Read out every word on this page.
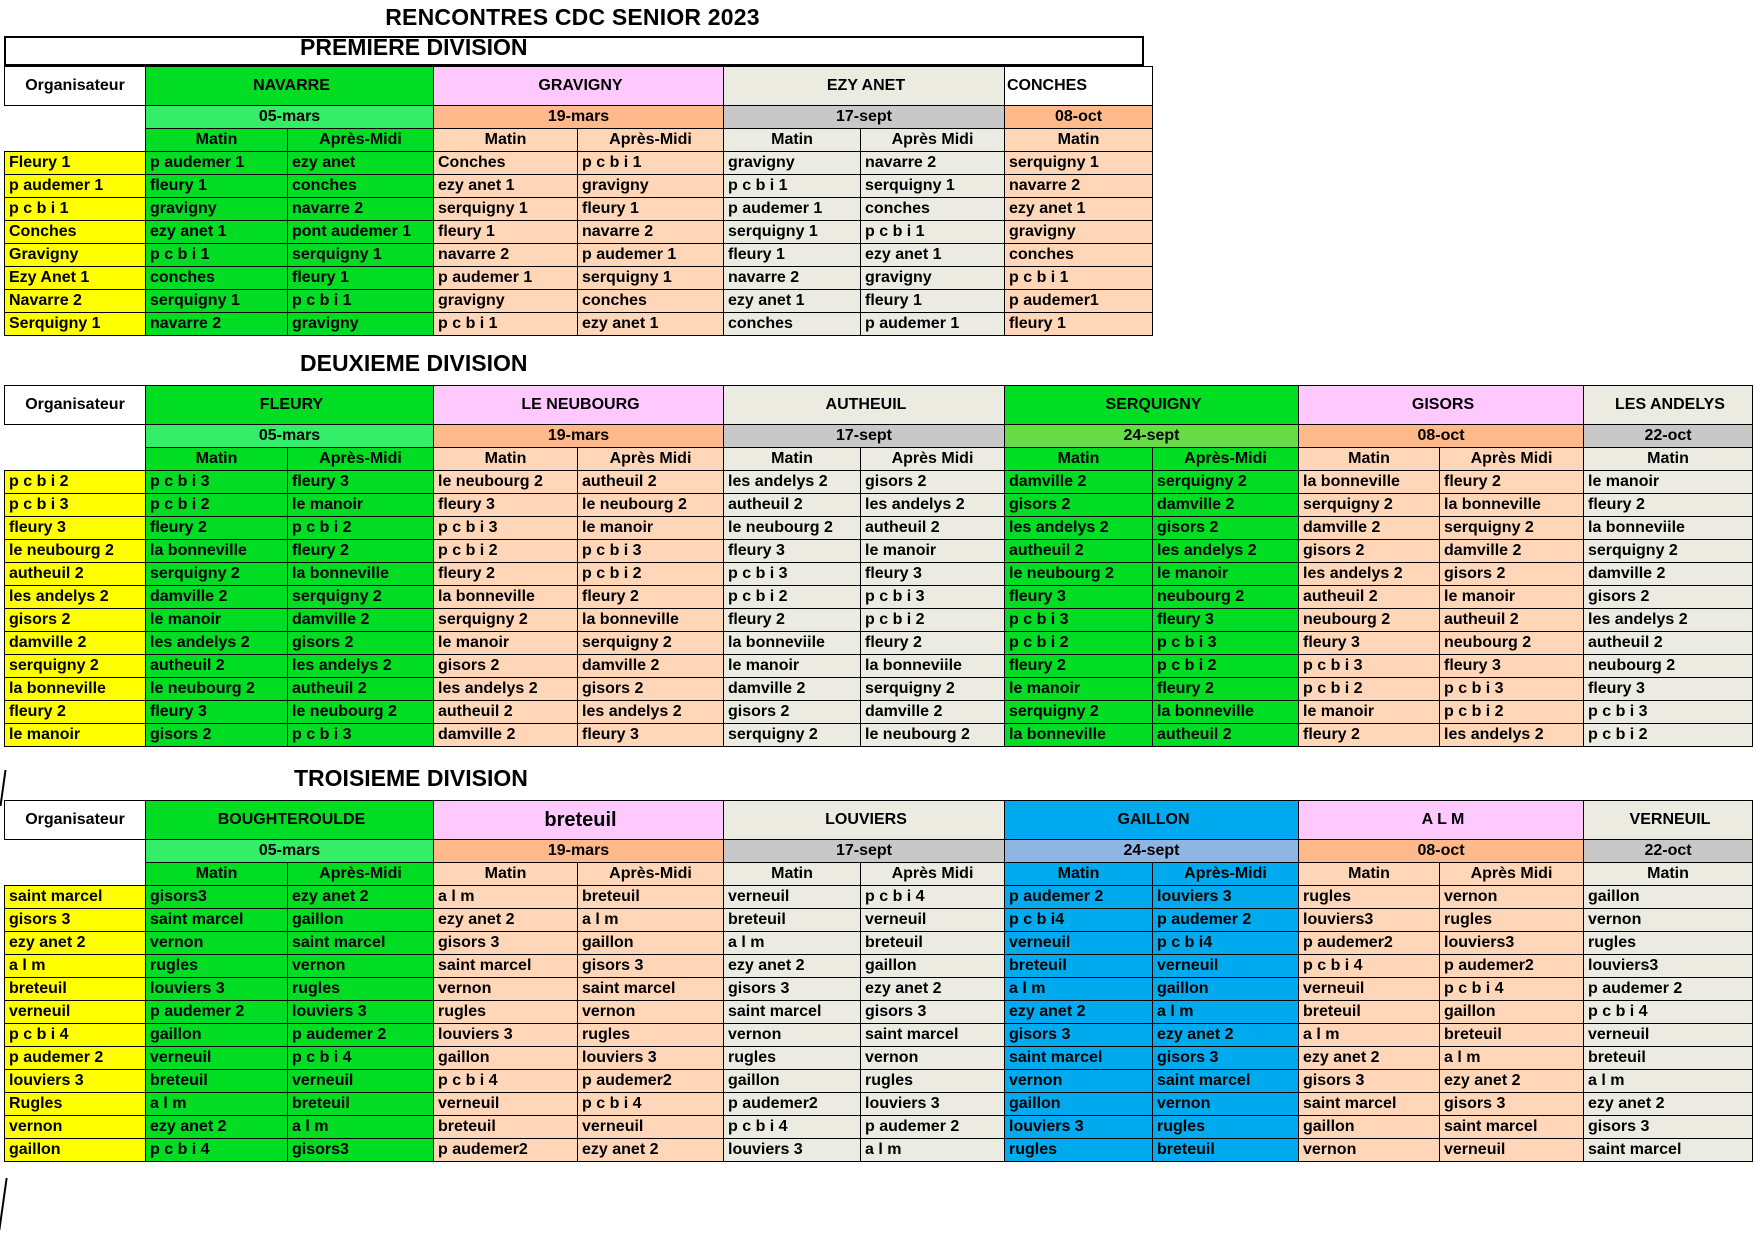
RENCONTRES CDC SENIOR 2023
PREMIERE DIVISION
Organisateur	NAVARRE		GRAVIGNY		EZY ANET		CONCHES
	05-mars		19-mars		17-sept		08-oct
	Matin	Après-Midi	Matin	Après-Midi	Matin	Après Midi	Matin
Fleury 1	p audemer 1	ezy anet	Conches	p c b i 1	gravigny	navarre 2	serquigny 1
p audemer 1	fleury 1	conches	ezy anet 1	gravigny	p c b i 1	serquigny 1	navarre 2
p c b i 1	gravigny	navarre 2	serquigny 1	fleury 1	p audemer 1	conches	ezy anet 1
Conches	ezy anet 1	pont audemer 1	fleury 1	navarre 2	serquigny 1	p c b i 1	gravigny
Gravigny	p c b i 1	serquigny 1	navarre 2	p audemer 1	fleury 1	ezy anet 1	conches
Ezy Anet 1	conches	fleury 1	p audemer 1	serquigny 1	navarre 2	gravigny	p c b i 1
Navarre 2	serquigny 1	p c b i 1	gravigny	conches	ezy anet 1	fleury 1	p audemer1
Serquigny 1	navarre 2	gravigny	p c b i 1	ezy anet 1	conches	p audemer 1	fleury 1
DEUXIEME DIVISION
Organisateur	FLEURY		LE NEUBOURG		AUTHEUIL		SERQUIGNY		GISORS		LES ANDELYS
	05-mars		19-mars		17-sept		24-sept		08-oct		22-oct
	Matin	Après-Midi	Matin	Après Midi	Matin	Après Midi	Matin	Après-Midi	Matin	Après Midi	Matin
p c b i 2	p c b i 3	fleury 3	le neubourg 2	autheuil 2	les andelys 2	gisors 2	damville 2	serquigny 2	la bonneville	fleury 2	le manoir
p c b i 3	p c b i 2	le manoir	fleury 3	le neubourg 2	autheuil 2	les andelys 2	gisors 2	damville 2	serquigny 2	la bonneville	fleury 2
fleury 3	fleury 2	p c b i 2	p c b i 3	le manoir	le neubourg 2	autheuil 2	les andelys 2	gisors 2	damville 2	serquigny 2	la bonneviile
le neubourg 2	la bonneville	fleury 2	p c b i 2	p c b i 3	fleury 3	le manoir	autheuil 2	les andelys 2	gisors 2	damville 2	serquigny 2
autheuil 2	serquigny 2	la bonneville	fleury 2	p c b i 2	p c b i 3	fleury 3	le neubourg 2	le manoir	les andelys 2	gisors 2	damville 2
les andelys 2	damville 2	serquigny 2	la bonneville	fleury 2	p c b i 2	p c b i 3	fleury 3	neubourg 2	autheuil 2	le manoir	gisors 2
gisors 2	le manoir	damville 2	serquigny 2	la bonneville	fleury 2	p c b i 2	p c b i 3	fleury 3	neubourg 2	autheuil 2	les andelys 2
damville 2	les andelys 2	gisors 2	le manoir	serquigny 2	la bonneviile	fleury 2	p c b i 2	p c b i 3	fleury 3	neubourg 2	autheuil 2
serquigny 2	autheuil 2	les andelys 2	gisors 2	damville 2	le manoir	la bonneviile	fleury 2	p c b i 2	p c b i 3	fleury 3	neubourg 2
la bonneville	le neubourg 2	autheuil 2	les andelys 2	gisors 2	damville 2	serquigny 2	le manoir	fleury 2	p c b i 2	p c b i 3	fleury 3
fleury 2	fleury 3	le neubourg 2	autheuil 2	les andelys 2	gisors 2	damville 2	serquigny 2	la bonneville	le manoir	p c b i 2	p c b i 3
le manoir	gisors 2	p c b i 3	damville 2	fleury 3	serquigny 2	le neubourg 2	la bonneville	autheuil 2	fleury 2	les andelys 2	p c b i 2
TROISIEME DIVISION
Organisateur	BOUGHTEROULDE		breteuil		LOUVIERS		GAILLON		A L M		VERNEUIL
	05-mars		19-mars		17-sept		24-sept		08-oct		22-oct
	Matin	Après-Midi	Matin	Après-Midi	Matin	Après Midi	Matin	Après-Midi	Matin	Après Midi	Matin
saint marcel	gisors3	ezy anet 2	a l m	breteuil	verneuil	p c b i 4	p audemer 2	louviers 3	rugles	vernon	gaillon
gisors 3	saint marcel	gaillon	ezy anet 2	a l m	breteuil	verneuil	p c b i4	p audemer 2	louviers3	rugles	vernon
ezy anet 2	vernon	saint marcel	gisors 3	gaillon	a l m	breteuil	verneuil	p c b i4	p audemer2	louviers3	rugles
a l m	rugles	vernon	saint marcel	gisors 3	ezy anet 2	gaillon	breteuil	verneuil	p c b i 4	p audemer2	louviers3
breteuil	louviers 3	rugles	vernon	saint marcel	gisors 3	ezy anet 2	a l m	gaillon	verneuil	p c b i 4	p audemer 2
verneuil	p audemer 2	louviers 3	rugles	vernon	saint marcel	gisors 3	ezy anet 2	a l m	breteuil	gaillon	p c b i 4
p c b i 4	gaillon	p audemer 2	louviers 3	rugles	vernon	saint marcel	gisors 3	ezy anet 2	a l m	breteuil	verneuil
p audemer 2	verneuil	p c b i 4	gaillon	louviers 3	rugles	vernon	saint marcel	gisors 3	ezy anet 2	a l m	breteuil
louviers 3	breteuil	verneuil	p c b i 4	p audemer2	gaillon	rugles	vernon	saint marcel	gisors 3	ezy anet 2	a l m
Rugles	a l m	breteuil	verneuil	p c b i 4	p audemer2	louviers 3	gaillon	vernon	saint marcel	gisors 3	ezy anet 2
vernon	ezy anet 2	a l m	breteuil	verneuil	p c b i 4	p audemer 2	louviers 3	rugles	gaillon	saint marcel	gisors 3
gaillon	p c b i 4	gisors3	p audemer2	ezy anet 2	louviers 3	a l m	rugles	breteuil	vernon	verneuil	saint marcel
